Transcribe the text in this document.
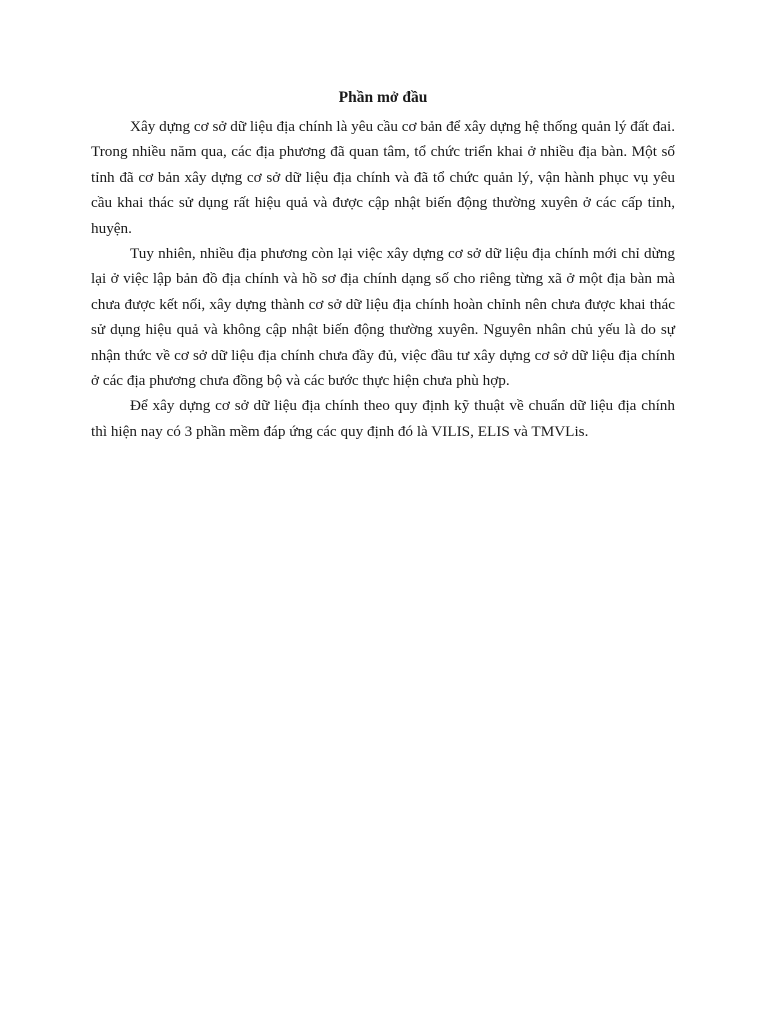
Phần mở đầu

Xây dựng cơ sở dữ liệu địa chính là yêu cầu cơ bản để xây dựng hệ thống quản lý đất đai. Trong nhiều năm qua, các địa phương đã quan tâm, tổ chức triển khai ở nhiều địa bàn. Một số tỉnh đã cơ bản xây dựng cơ sở dữ liệu địa chính và đã tổ chức quản lý, vận hành phục vụ yêu cầu khai thác sử dụng rất hiệu quả và được cập nhật biến động thường xuyên ở các cấp tỉnh, huyện.

Tuy nhiên, nhiều địa phương còn lại việc xây dựng cơ sở dữ liệu địa chính mới chỉ dừng lại ở việc lập bản đồ địa chính và hồ sơ địa chính dạng số cho riêng từng xã ở một địa bàn mà chưa được kết nối, xây dựng thành cơ sở dữ liệu địa chính hoàn chỉnh nên chưa được khai thác sử dụng hiệu quả và không cập nhật biến động thường xuyên. Nguyên nhân chủ yếu là do sự nhận thức về cơ sở dữ liệu địa chính chưa đầy đủ, việc đầu tư xây dựng cơ sở dữ liệu địa chính ở các địa phương chưa đồng bộ và các bước thực hiện chưa phù hợp.

Để xây dựng cơ sở dữ liệu địa chính theo quy định kỹ thuật về chuẩn dữ liệu địa chính thì hiện nay có 3 phần mềm đáp ứng các quy định đó là VILIS, ELIS và TMVLis.
